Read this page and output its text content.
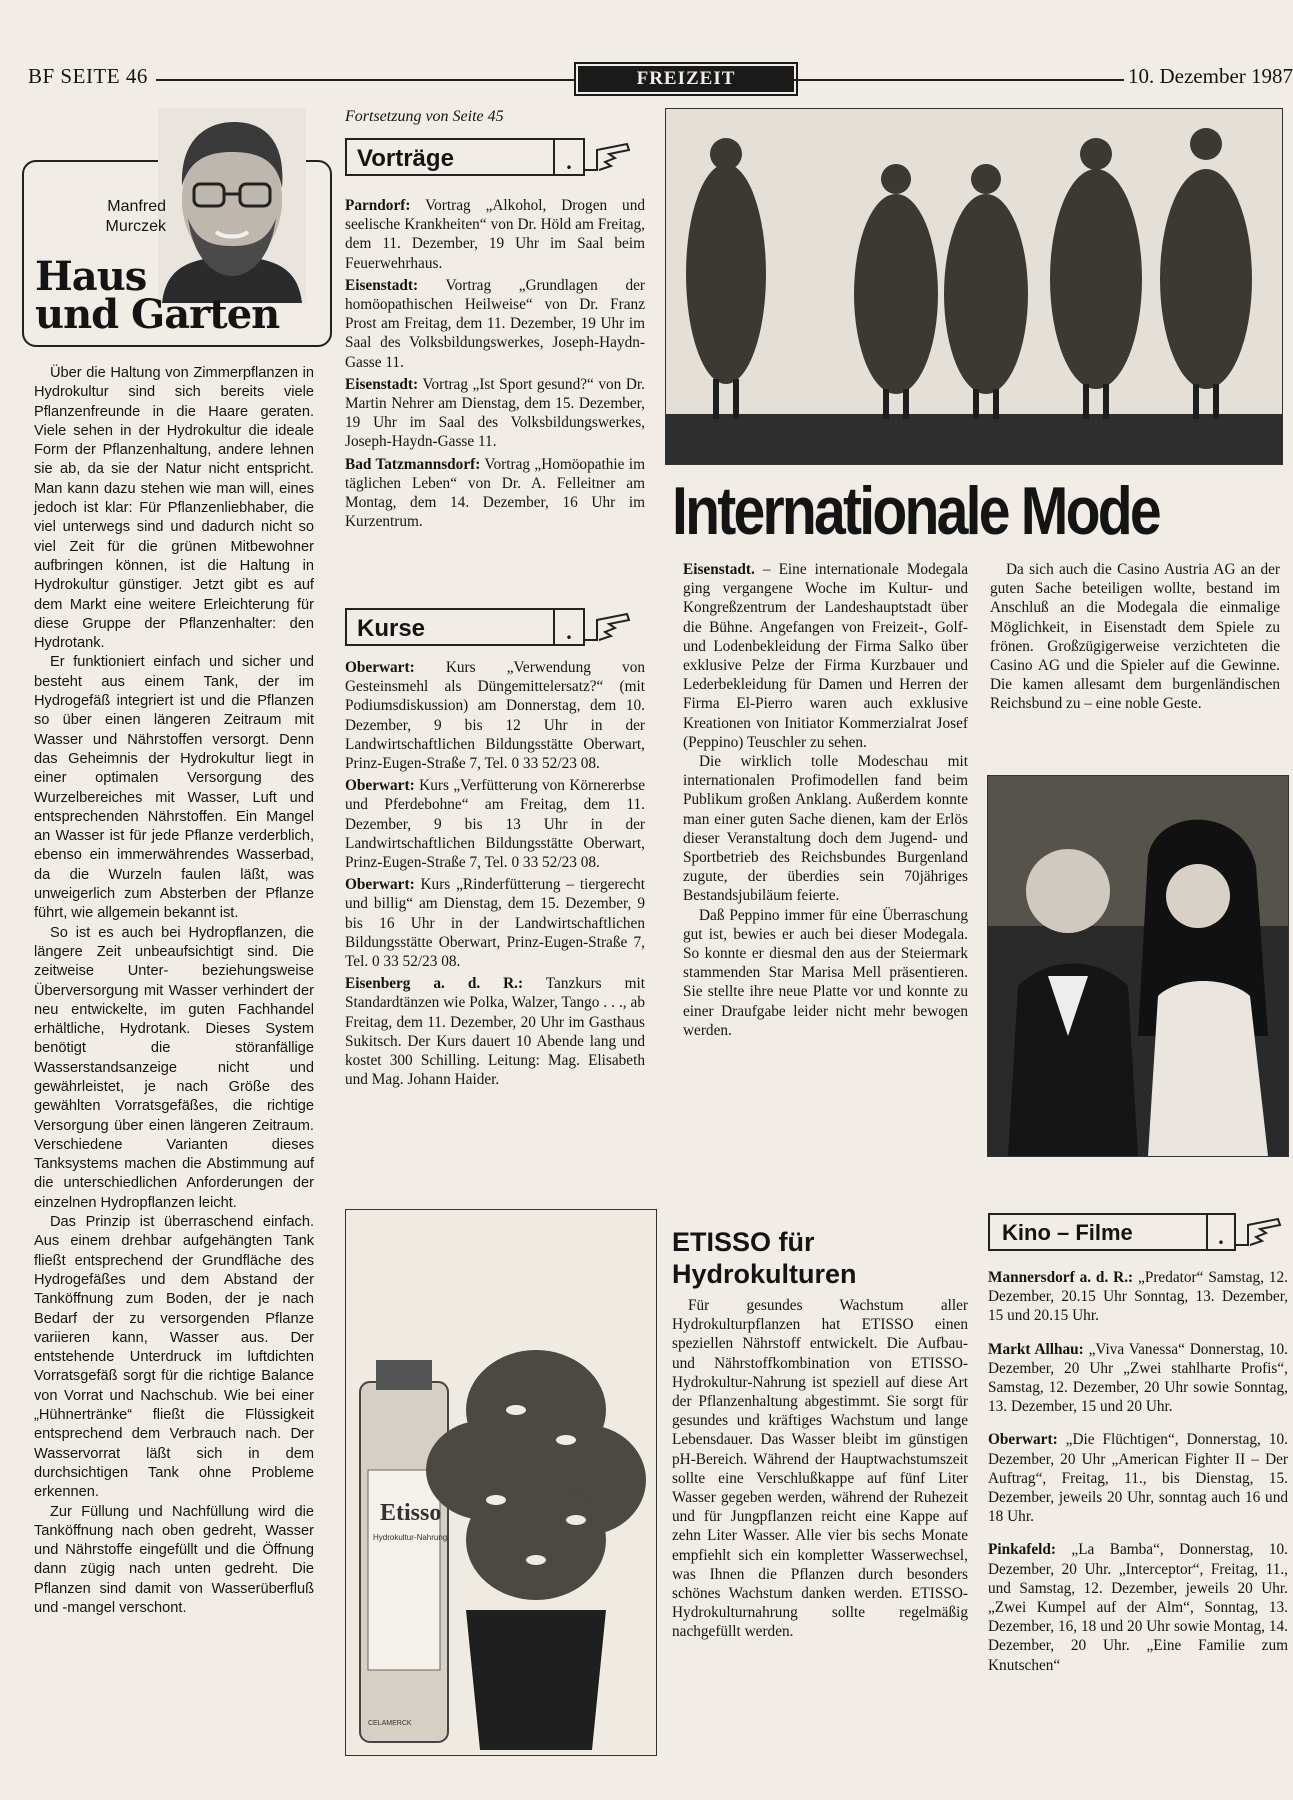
BF SEITE 46	FREIZEIT	10. Dezember 1987
Manfred Murczek
Haus
und Garten

Über die Haltung von Zimmerpflanzen in Hydrokultur sind sich bereits viele Pflanzenfreunde in die Haare geraten. Viele sehen in der Hydrokultur die ideale Form der Pflanzenhaltung, andere lehnen sie ab, da sie der Natur nicht entspricht. Man kann dazu stehen wie man will, eines jedoch ist klar: Für Pflanzenliebhaber, die viel unterwegs sind und dadurch nicht so viel Zeit für die grünen Mitbewohner aufbringen können, ist die Haltung in Hydrokultur günstiger. Jetzt gibt es auf dem Markt eine weitere Erleichterung für diese Gruppe der Pflanzenhalter: den Hydrotank.

Er funktioniert einfach und sicher und besteht aus einem Tank, der im Hydrogefäß integriert ist und die Pflanzen so über einen längeren Zeitraum mit Wasser und Nährstoffen versorgt. Denn das Geheimnis der Hydrokultur liegt in einer optimalen Versorgung des Wurzelbereiches mit Wasser, Luft und entsprechenden Nährstoffen. Ein Mangel an Wasser ist für jede Pflanze verderblich, ebenso ein immerwährendes Wasserbad, da die Wurzeln faulen läßt, was unweigerlich zum Absterben der Pflanze führt, wie allgemein bekannt ist.

So ist es auch bei Hydropflanzen, die längere Zeit unbeaufsichtigt sind. Die zeitweise Unter- beziehungsweise Überversorgung mit Wasser verhindert der neu entwickelte, im guten Fachhandel erhältliche, Hydrotank. Dieses System benötigt die störanfällige Wasserstandsanzeige nicht und gewährleistet, je nach Größe des gewählten Vorratsgefäßes, die richtige Versorgung über einen längeren Zeitraum. Verschiedene Varianten dieses Tanksystems machen die Abstimmung auf die unterschiedlichen Anforderungen der einzelnen Hydropflanzen leicht.

Das Prinzip ist überraschend einfach. Aus einem drehbar aufgehängten Tank fließt entsprechend der Grundfläche des Hydrogefäßes und dem Abstand der Tanköffnung zum Boden, der je nach Bedarf der zu versorgenden Pflanze variieren kann, Wasser aus. Der entstehende Unterdruck im luftdichten Vorratsgefäß sorgt für die richtige Balance von Vorrat und Nachschub. Wie bei einer „Hühnertränke“ fließt die Flüssigkeit entsprechend dem Verbrauch nach. Der Wasservorrat läßt sich in dem durchsichtigen Tank ohne Probleme erkennen.

Zur Füllung und Nachfüllung wird die Tanköffnung nach oben gedreht, Wasser und Nährstoffe eingefüllt und die Öffnung dann zügig nach unten gedreht. Die Pflanzen sind damit von Wasserüberfluß und -mangel verschont.

Fortsetzung von Seite 45
Vorträge	.

Parndorf: Vortrag „Alkohol, Drogen und seelische Krankheiten“ von Dr. Höld am Freitag, dem 11. Dezember, 19 Uhr im Saal beim Feuerwehrhaus.

Eisenstadt: Vortrag „Grundlagen der homöopathischen Heilweise“ von Dr. Franz Prost am Freitag, dem 11. Dezember, 19 Uhr im Saal des Volksbildungswerkes, Joseph-Haydn-Gasse 11.

Eisenstadt: Vortrag „Ist Sport gesund?“ von Dr. Martin Nehrer am Dienstag, dem 15. Dezember, 19 Uhr im Saal des Volksbildungswerkes, Joseph-Haydn-Gasse 11.

Bad Tatzmannsdorf: Vortrag „Homöopathie im täglichen Leben“ von Dr. A. Felleitner am Montag, dem 14. Dezember, 16 Uhr im Kurzentrum.

Kurse	.

Oberwart: Kurs „Verwendung von Gesteinsmehl als Düngemittelersatz?“ (mit Podiumsdiskussion) am Donnerstag, dem 10. Dezember, 9 bis 12 Uhr in der Landwirtschaftlichen Bildungsstätte Oberwart, Prinz-Eugen-Straße 7, Tel. 0 33 52/23 08.

Oberwart: Kurs „Verfütterung von Körnererbse und Pferdebohne“ am Freitag, dem 11. Dezember, 9 bis 13 Uhr in der Landwirtschaftlichen Bildungsstätte Oberwart, Prinz-Eugen-Straße 7, Tel. 0 33 52/23 08.

Oberwart: Kurs „Rinderfütterung – tiergerecht und billig“ am Dienstag, dem 15. Dezember, 9 bis 16 Uhr in der Landwirtschaftlichen Bildungsstätte Oberwart, Prinz-Eugen-Straße 7, Tel. 0 33 52/23 08.

Eisenberg a. d. R.: Tanzkurs mit Standardtänzen wie Polka, Walzer, Tango . . ., ab Freitag, dem 11. Dezember, 20 Uhr im Gasthaus Sukitsch. Der Kurs dauert 10 Abende lang und kostet 300 Schilling. Leitung: Mag. Elisabeth und Mag. Johann Haider.

Internationale Mode

Eisenstadt. – Eine internationale Modegala ging vergangene Woche im Kultur- und Kongreßzentrum der Landeshauptstadt über die Bühne. Angefangen von Freizeit-, Golf- und Lodenbekleidung der Firma Salko über exklusive Pelze der Firma Kurzbauer und Lederbekleidung für Damen und Herren der Firma El-Pierro waren auch exklusive Kreationen von Initiator Kommerzialrat Josef (Peppino) Teuschler zu sehen.

Die wirklich tolle Modeschau mit internationalen Profimodellen fand beim Publikum großen Anklang. Außerdem konnte man einer guten Sache dienen, kam der Erlös dieser Veranstaltung doch dem Jugend- und Sportbetrieb des Reichsbundes Burgenland zugute, der überdies sein 70jähriges Bestandsjubiläum feierte.

Daß Peppino immer für eine Überraschung gut ist, bewies er auch bei dieser Modegala. So konnte er diesmal den aus der Steiermark stammenden Star Marisa Mell präsentieren. Sie stellte ihre neue Platte vor und konnte zu einer Draufgabe leider nicht mehr bewogen werden.

Da sich auch die Casino Austria AG an der guten Sache beteiligen wollte, bestand im Anschluß an die Modegala die einmalige Möglichkeit, in Eisenstadt dem Spiele zu frönen. Großzügigerweise verzichteten die Casino AG und die Spieler auf die Gewinne. Die kamen allesamt dem burgenländischen Reichsbund zu – eine noble Geste.

Etisso
Hydrokultur-Nahrung
CELAMERCK
ETISSO für
Hydrokulturen

Für gesundes Wachstum aller Hydrokulturpflanzen hat ETISSO einen speziellen Nährstoff entwickelt. Die Aufbau- und Nährstoffkombination von ETISSO-Hydrokultur-Nahrung ist speziell auf diese Art der Pflanzenhaltung abgestimmt. Sie sorgt für gesundes und kräftiges Wachstum und lange Lebensdauer. Das Wasser bleibt im günstigen pH-Bereich. Während der Hauptwachstumszeit sollte eine Verschlußkappe auf fünf Liter Wasser gegeben werden, während der Ruhezeit und für Jungpflanzen reicht eine Kappe auf zehn Liter Wasser. Alle vier bis sechs Monate empfiehlt sich ein kompletter Wasserwechsel, was Ihnen die Pflanzen durch besonders schönes Wachstum danken werden. ETISSO-Hydrokulturnahrung sollte regelmäßig nachgefüllt werden.

Kino – Filme	.

Mannersdorf a. d. R.: „Predator“ Samstag, 12. Dezember, 20.15 Uhr Sonntag, 13. Dezember, 15 und 20.15 Uhr.

Markt Allhau: „Viva Vanessa“ Donnerstag, 10. Dezember, 20 Uhr „Zwei stahlharte Profis“, Samstag, 12. Dezember, 20 Uhr sowie Sonntag, 13. Dezember, 15 und 20 Uhr.

Oberwart: „Die Flüchtigen“, Donnerstag, 10. Dezember, 20 Uhr „American Fighter II – Der Auftrag“, Freitag, 11., bis Dienstag, 15. Dezember, jeweils 20 Uhr, sonntag auch 16 und 18 Uhr.

Pinkafeld: „La Bamba“, Donnerstag, 10. Dezember, 20 Uhr. „Interceptor“, Freitag, 11., und Samstag, 12. Dezember, jeweils 20 Uhr. „Zwei Kumpel auf der Alm“, Sonntag, 13. Dezember, 16, 18 und 20 Uhr sowie Montag, 14. Dezember, 20 Uhr. „Eine Familie zum Knutschen“
